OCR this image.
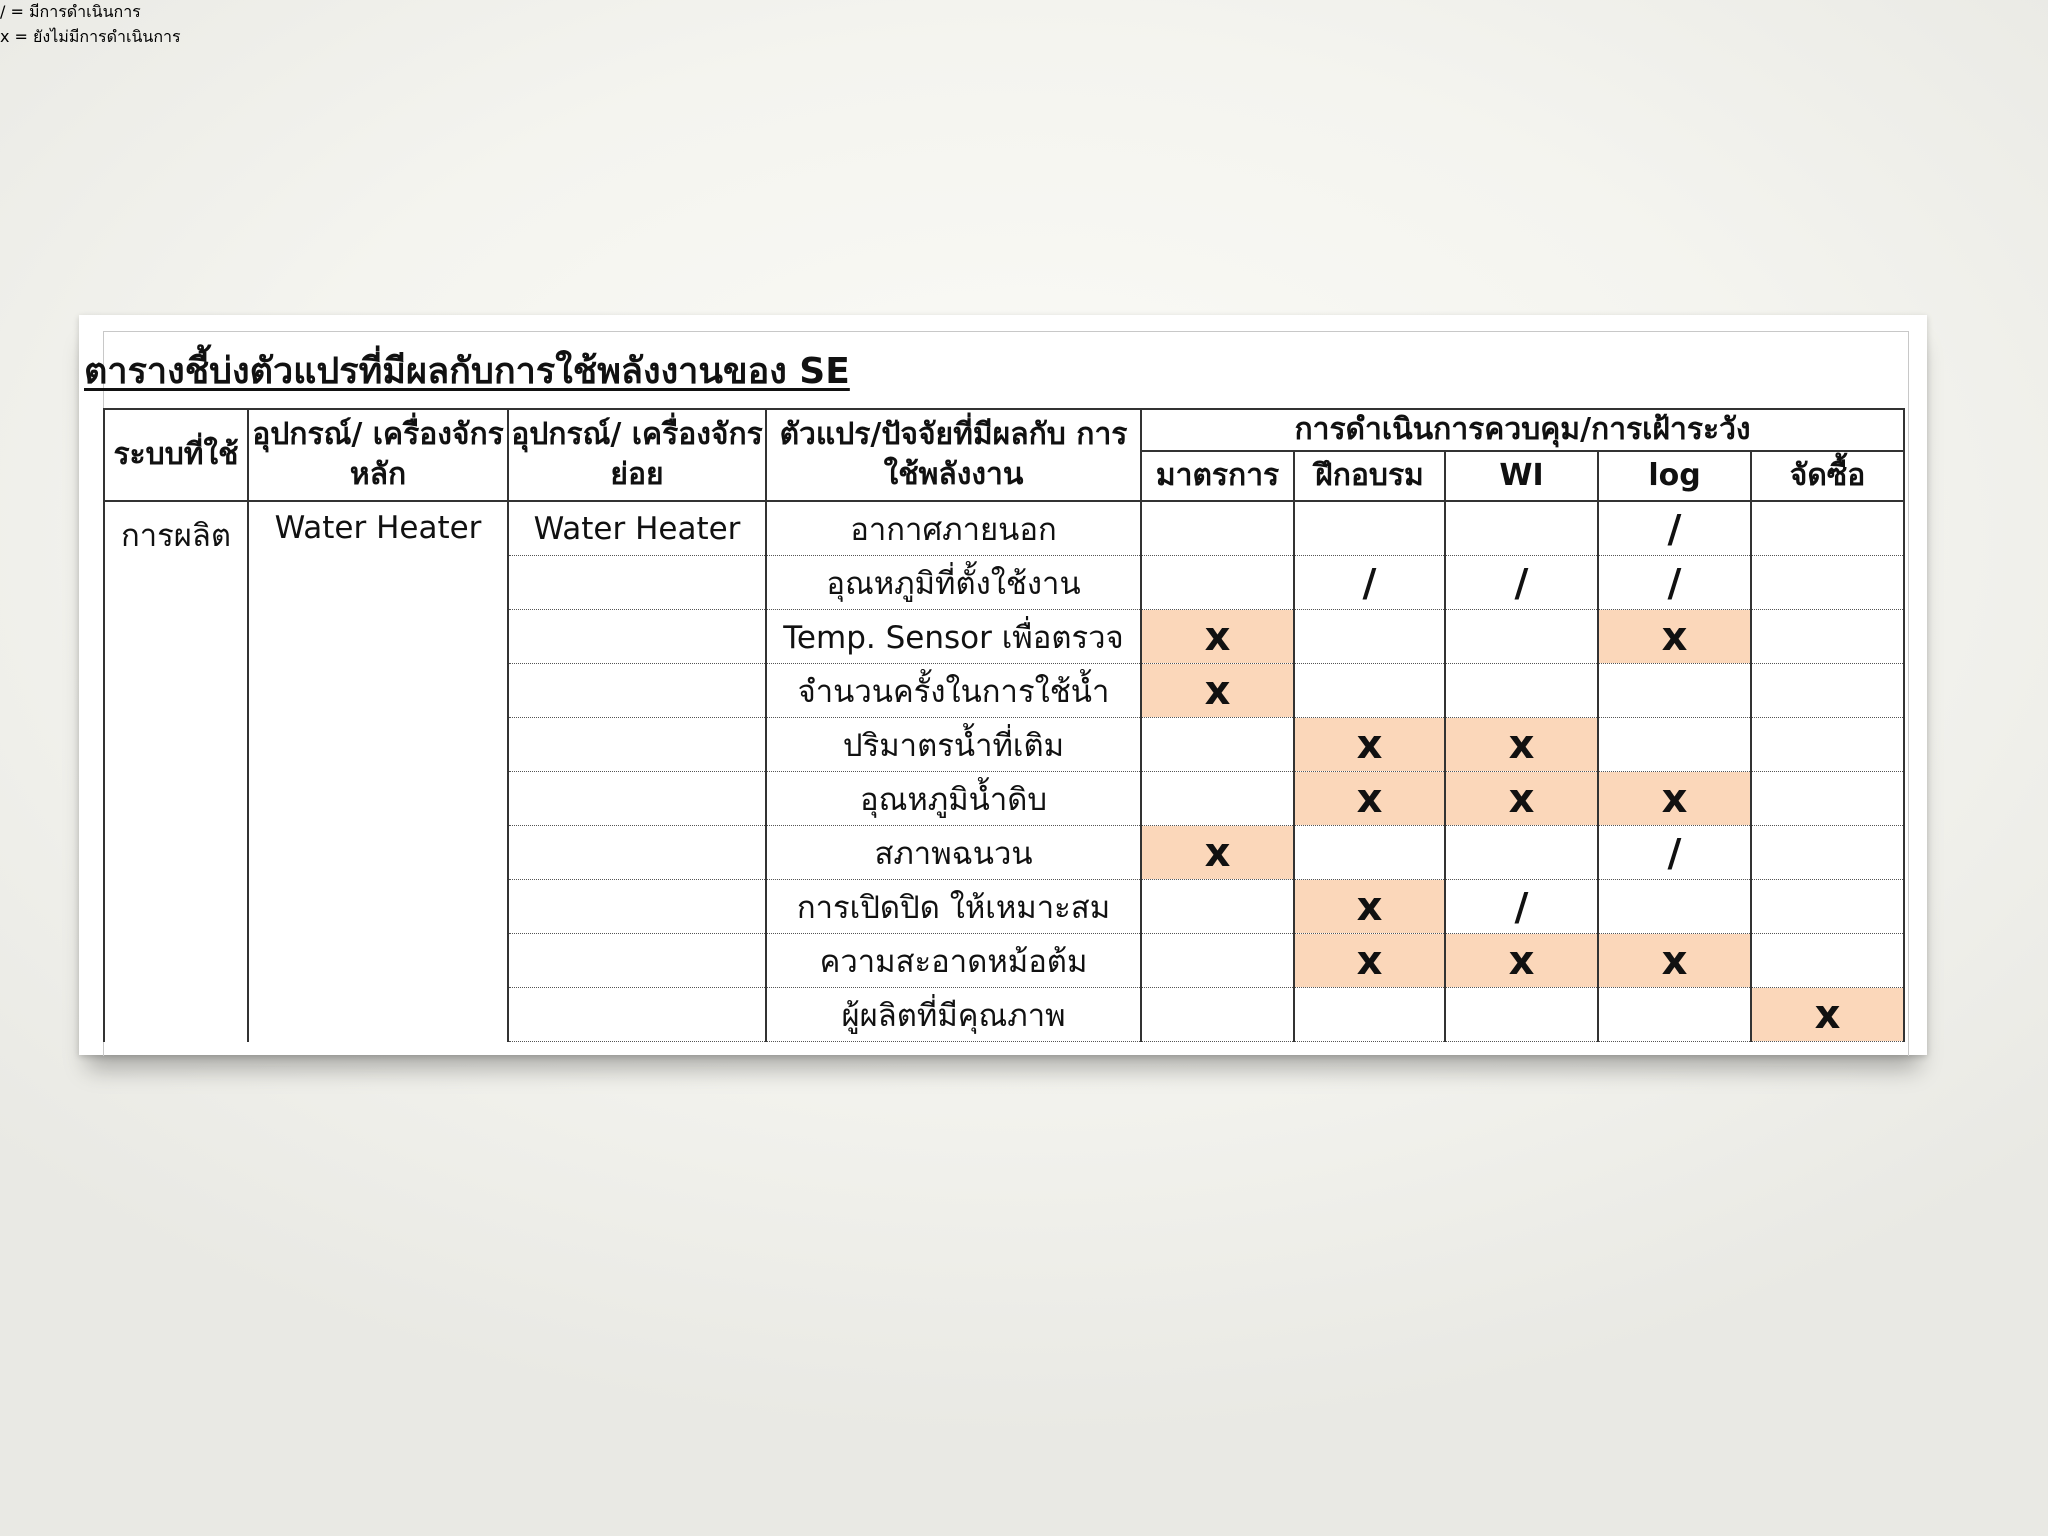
ตารางชี้บ่งตัวแปรที่มีผลกับการใช้พลังงานของ SE
/ = มีการดำเนินการ
x = ยังไม่มีการดำเนินการ
ระบบที่ใช้	อุปกรณ์/ เครื่องจักรหลัก	อุปกรณ์/ เครื่องจักรย่อย	ตัวแปร/ปัจจัยที่มีผลกับ การใช้พลังงาน	การดำเนินการควบคุม/การเฝ้าระวัง				
				มาตรการ	ฝึกอบรม	WI	log	จัดซื้อ
การผลิต	Water Heater	Water Heater	อากาศภายนอก				/	
			อุณหภูมิที่ตั้งใช้งาน		/	/	/	
			Temp. Sensor เพื่อตรวจ	x			x	
			จำนวนครั้งในการใช้น้ำ	x				
			ปริมาตรน้ำที่เติม		x	x		
			อุณหภูมิน้ำดิบ		x	x	x	
			สภาพฉนวน	x			/	
			การเปิดปิด ให้เหมาะสม		x	/		
			ความสะอาดหม้อต้ม		x	x	x	
			ผู้ผลิตที่มีคุณภาพ					x
